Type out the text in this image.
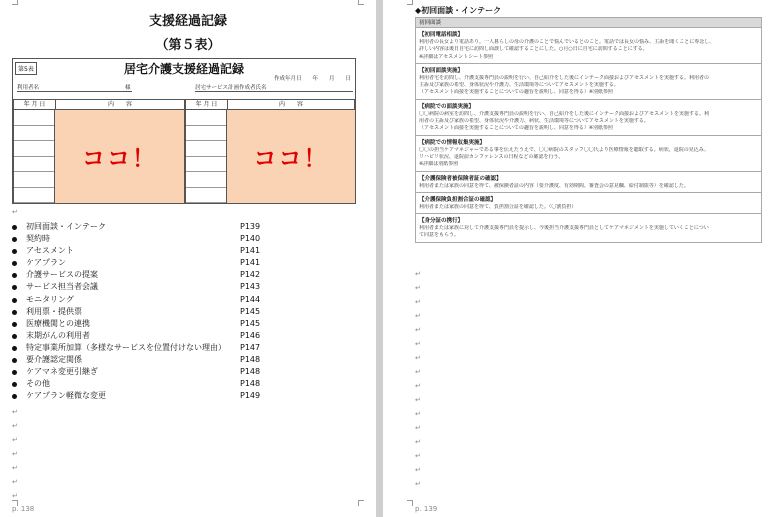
支援経過記録
（第５表）
第5表	居宅介護支援経過記録
作成年月日　　年　　月　　日
利用者名	様	居宅サービス計画作成者氏名
年 月 日	内　　容	年 月 日	内　　容
ココ！	ココ！
↵
初回面談・インテーク	P139
契約時	P140
アセスメント	P141
ケアプラン	P141
介護サービスの提案	P142
サービス担当者会議	P143
モニタリング	P144
利用票・提供票	P145
医療機関との連携	P145
末期がんの利用者	P146
特定事業所加算（多様なサービスを位置付けない理由） P147
要介護認定関係	P148
ケアマネ変更引継ぎ	P148
その他	P148
ケアプラン軽微な変更	P149
↵
↵
↵
↵
↵
↵
↵
p. 138
◆初回面談・インテーク
初回面談
【初回電話相談】
利用者の長女より電話あり。一人暮らしの母の介護のことで悩んでいるとのこと。電話では長女の悩み、主訴を聞くことに専念し、
詳しい内容は後日自宅に訪問し面談して確認することにした。○月○日に自宅に訪問することにする。
※詳細はアセスメントシート参照
【初回面談実施】
利用者宅を訪問し、介護支援専門員の説明を行い、自己紹介をした後にインテーク面接およびアセスメントを実施する。利用者の
主訴及び家族の希望、身体状況や介護力、生活環境等についてアセスメントを実施する。
（アセスメント面接を実施することについての趣旨を説明し、同意を得る）※別紙参照
【病院での面談実施】
〇〇病院の病室を訪問し、介護支援専門員の説明を行い、自己紹介をした後にインテーク面接およびアセスメントを実施する。利
用者の主訴及び家族の希望、身体状況や介護力、病状、生活環境等についてアセスメントを実施する。
（アセスメント面接を実施することについての趣旨を説明し、同意を得る）※別紙参照
【病院での情報収集実施】
〇〇の担当ケアマネジャーである事を伝えたうえで、〇〇病院のスタッフ〇〇氏より医療情報を聴取する。病状、退院の見込み、
リハビリ状況、退院前カンファレンスの日程などの確認を行う。
※詳細は別紙参照
【介護保険者被保険者証の確認】
利用者または家族の同意を得て、被保険者証の内容（要介護度、有効期間、審査会の意見欄、給付制限等）を確認した。
【介護保険負担割合証の確認】
利用者または家族の同意を得て、負担割合証を確認した。（〇割負担）
【身分証の携行】
利用者または家族に対して介護支援専門員を提示し、今後担当介護支援専門員としてケアマネジメントを実施していくことについ
て同意をもらう。
↵
↵
↵
↵
↵
↵
↵
↵
↵
↵
↵
↵
↵
↵
↵
↵
p. 139
